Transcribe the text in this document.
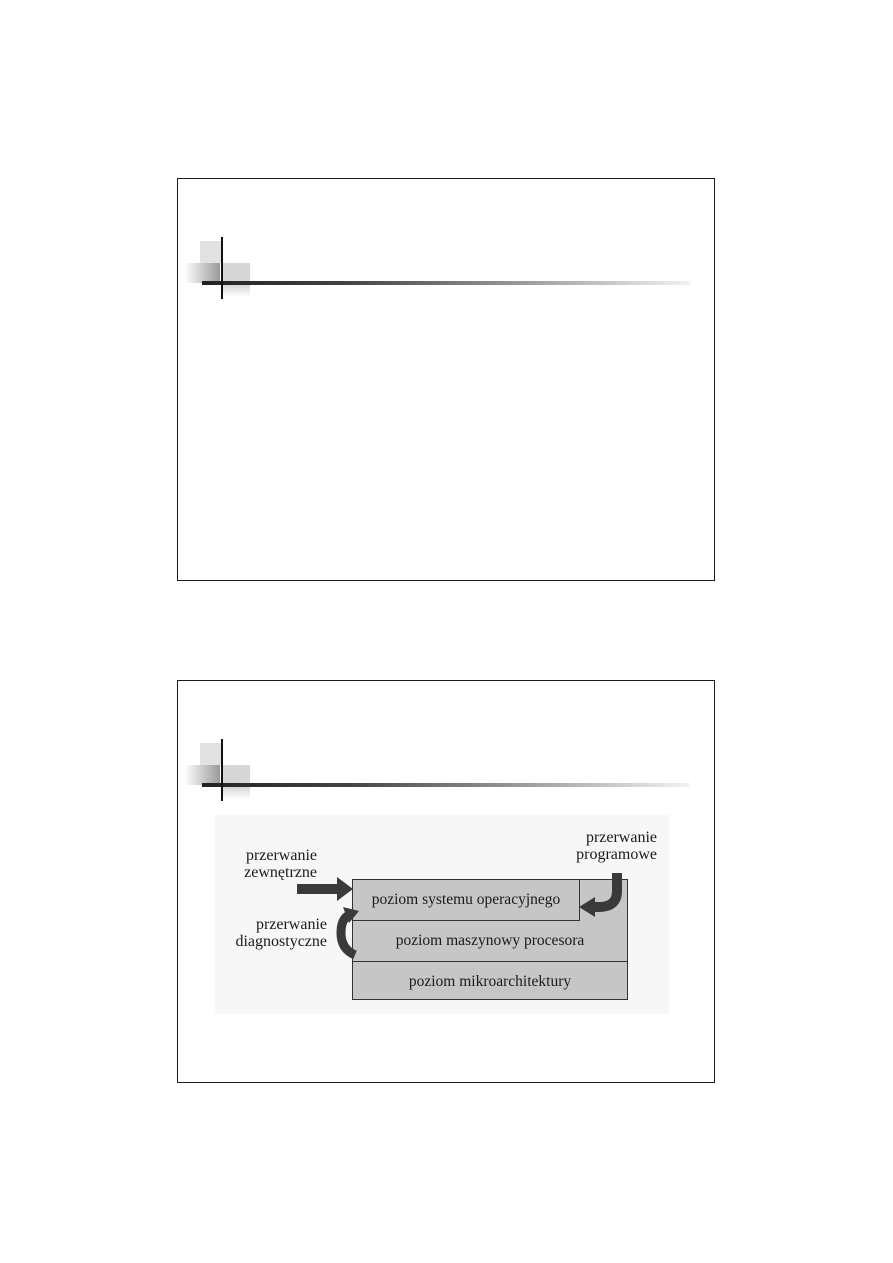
poziom maszynowy procesora
poziom mikroarchitektury
poziom systemu operacyjnego
przerwanie
zewnętrzne
przerwanie
diagnostyczne
przerwanie
programowe
